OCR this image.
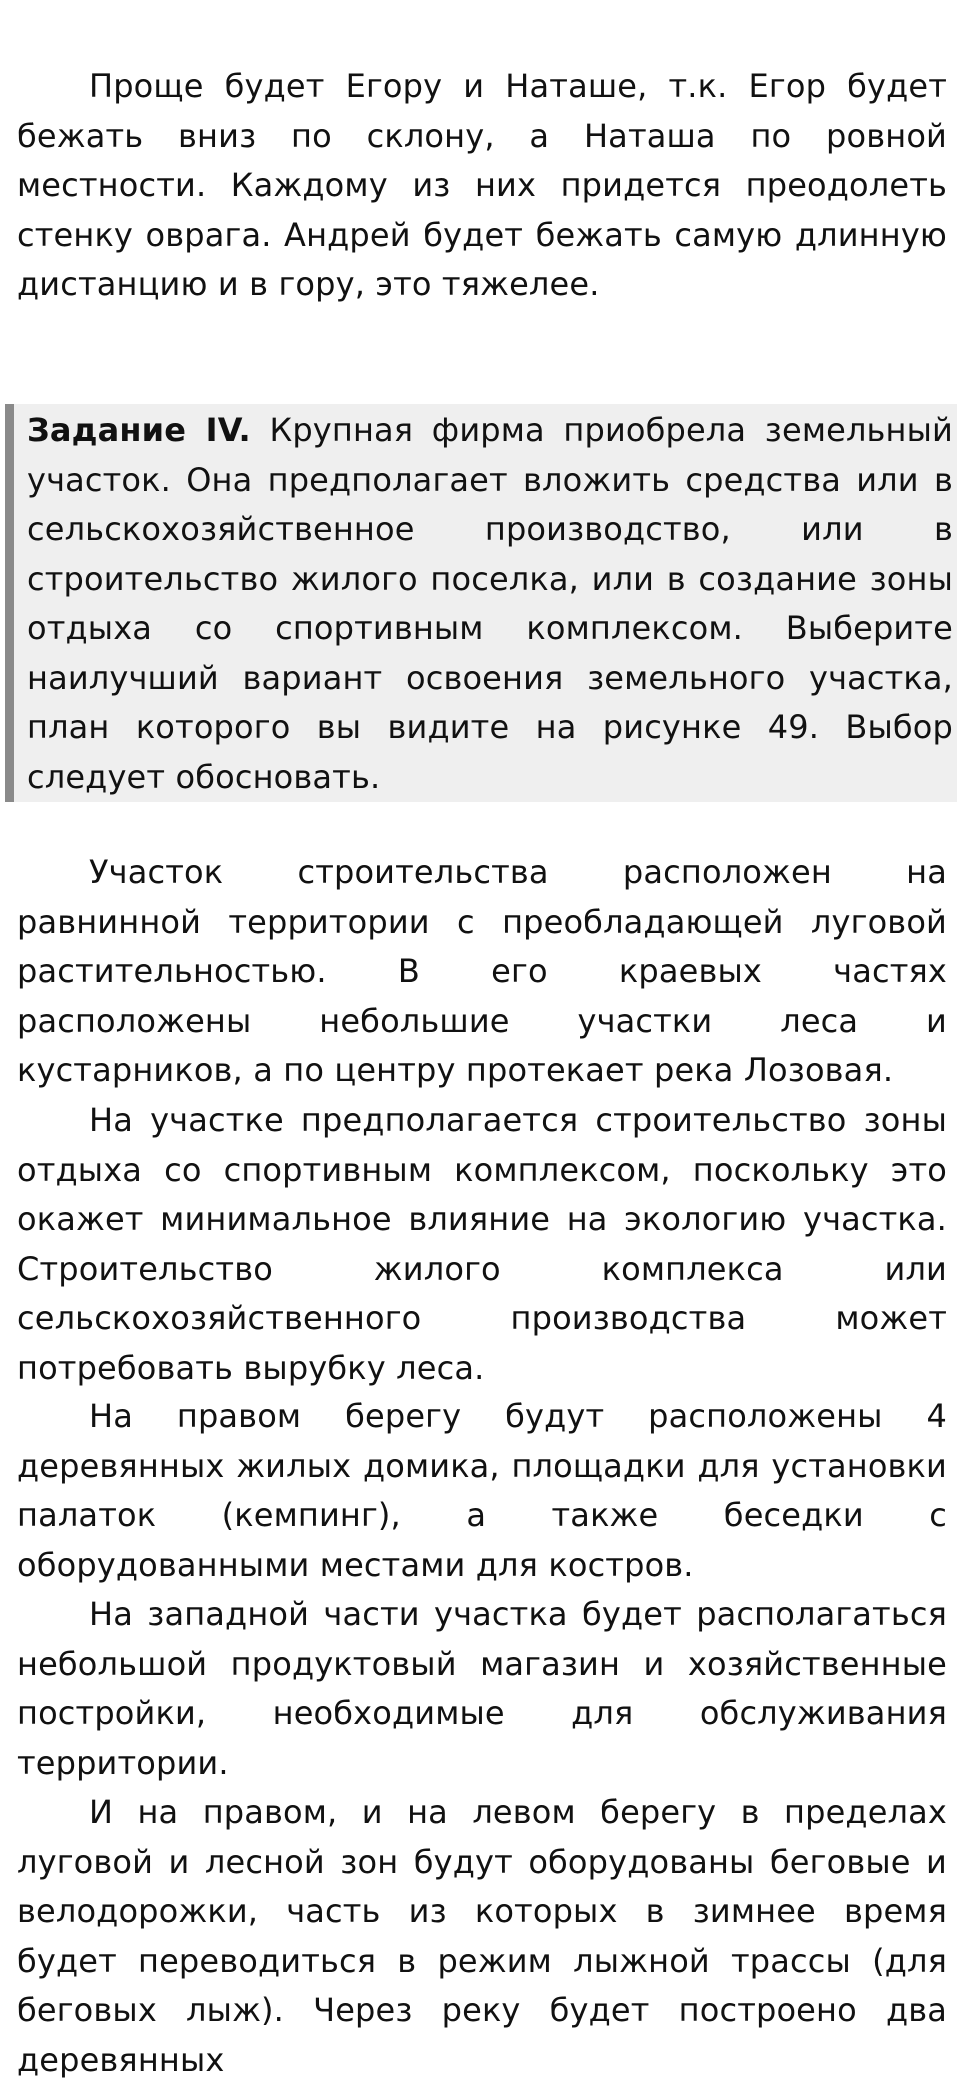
Проще будет Егору и Наташе, т.к. Егор будет бежать вниз по склону, а Наташа по ровной местности. Каждому из них придется преодолеть стенку оврага. Андрей будет бежать самую длинную дистанцию и в гору, это тяжелее.

Задание IV. Крупная фирма приобрела земельный участок. Она предполагает вложить средства или в сельскохозяйственное производство, или в строительство жилого поселка, или в создание зоны отдыха со спортивным комплексом. Выберите наилучший вариант освоения земельного участка, план которого вы видите на рисунке 49. Выбор следует обосновать.

Участок строительства расположен на равнинной территории с преобладающей луговой растительностью. В его краевых частях расположены небольшие участки леса и кустарников, а по центру протекает река Лозовая.

На участке предполагается строительство зоны отдыха со спортивным комплексом, поскольку это окажет минимальное влияние на экологию участка. Строительство жилого комплекса или сельскохозяйственного производства может потребовать вырубку леса.

На правом берегу будут расположены 4 деревянных жилых домика, площадки для установки палаток (кемпинг), а также беседки с оборудованными местами для костров.

На западной части участка будет располагаться небольшой продуктовый магазин и хозяйственные постройки, необходимые для обслуживания территории.

И на правом, и на левом берегу в пределах луговой и лесной зон будут оборудованы беговые и велодорожки, часть из которых в зимнее время будет переводиться в режим лыжной трассы (для беговых лыж). Через реку будет построено два деревянных
